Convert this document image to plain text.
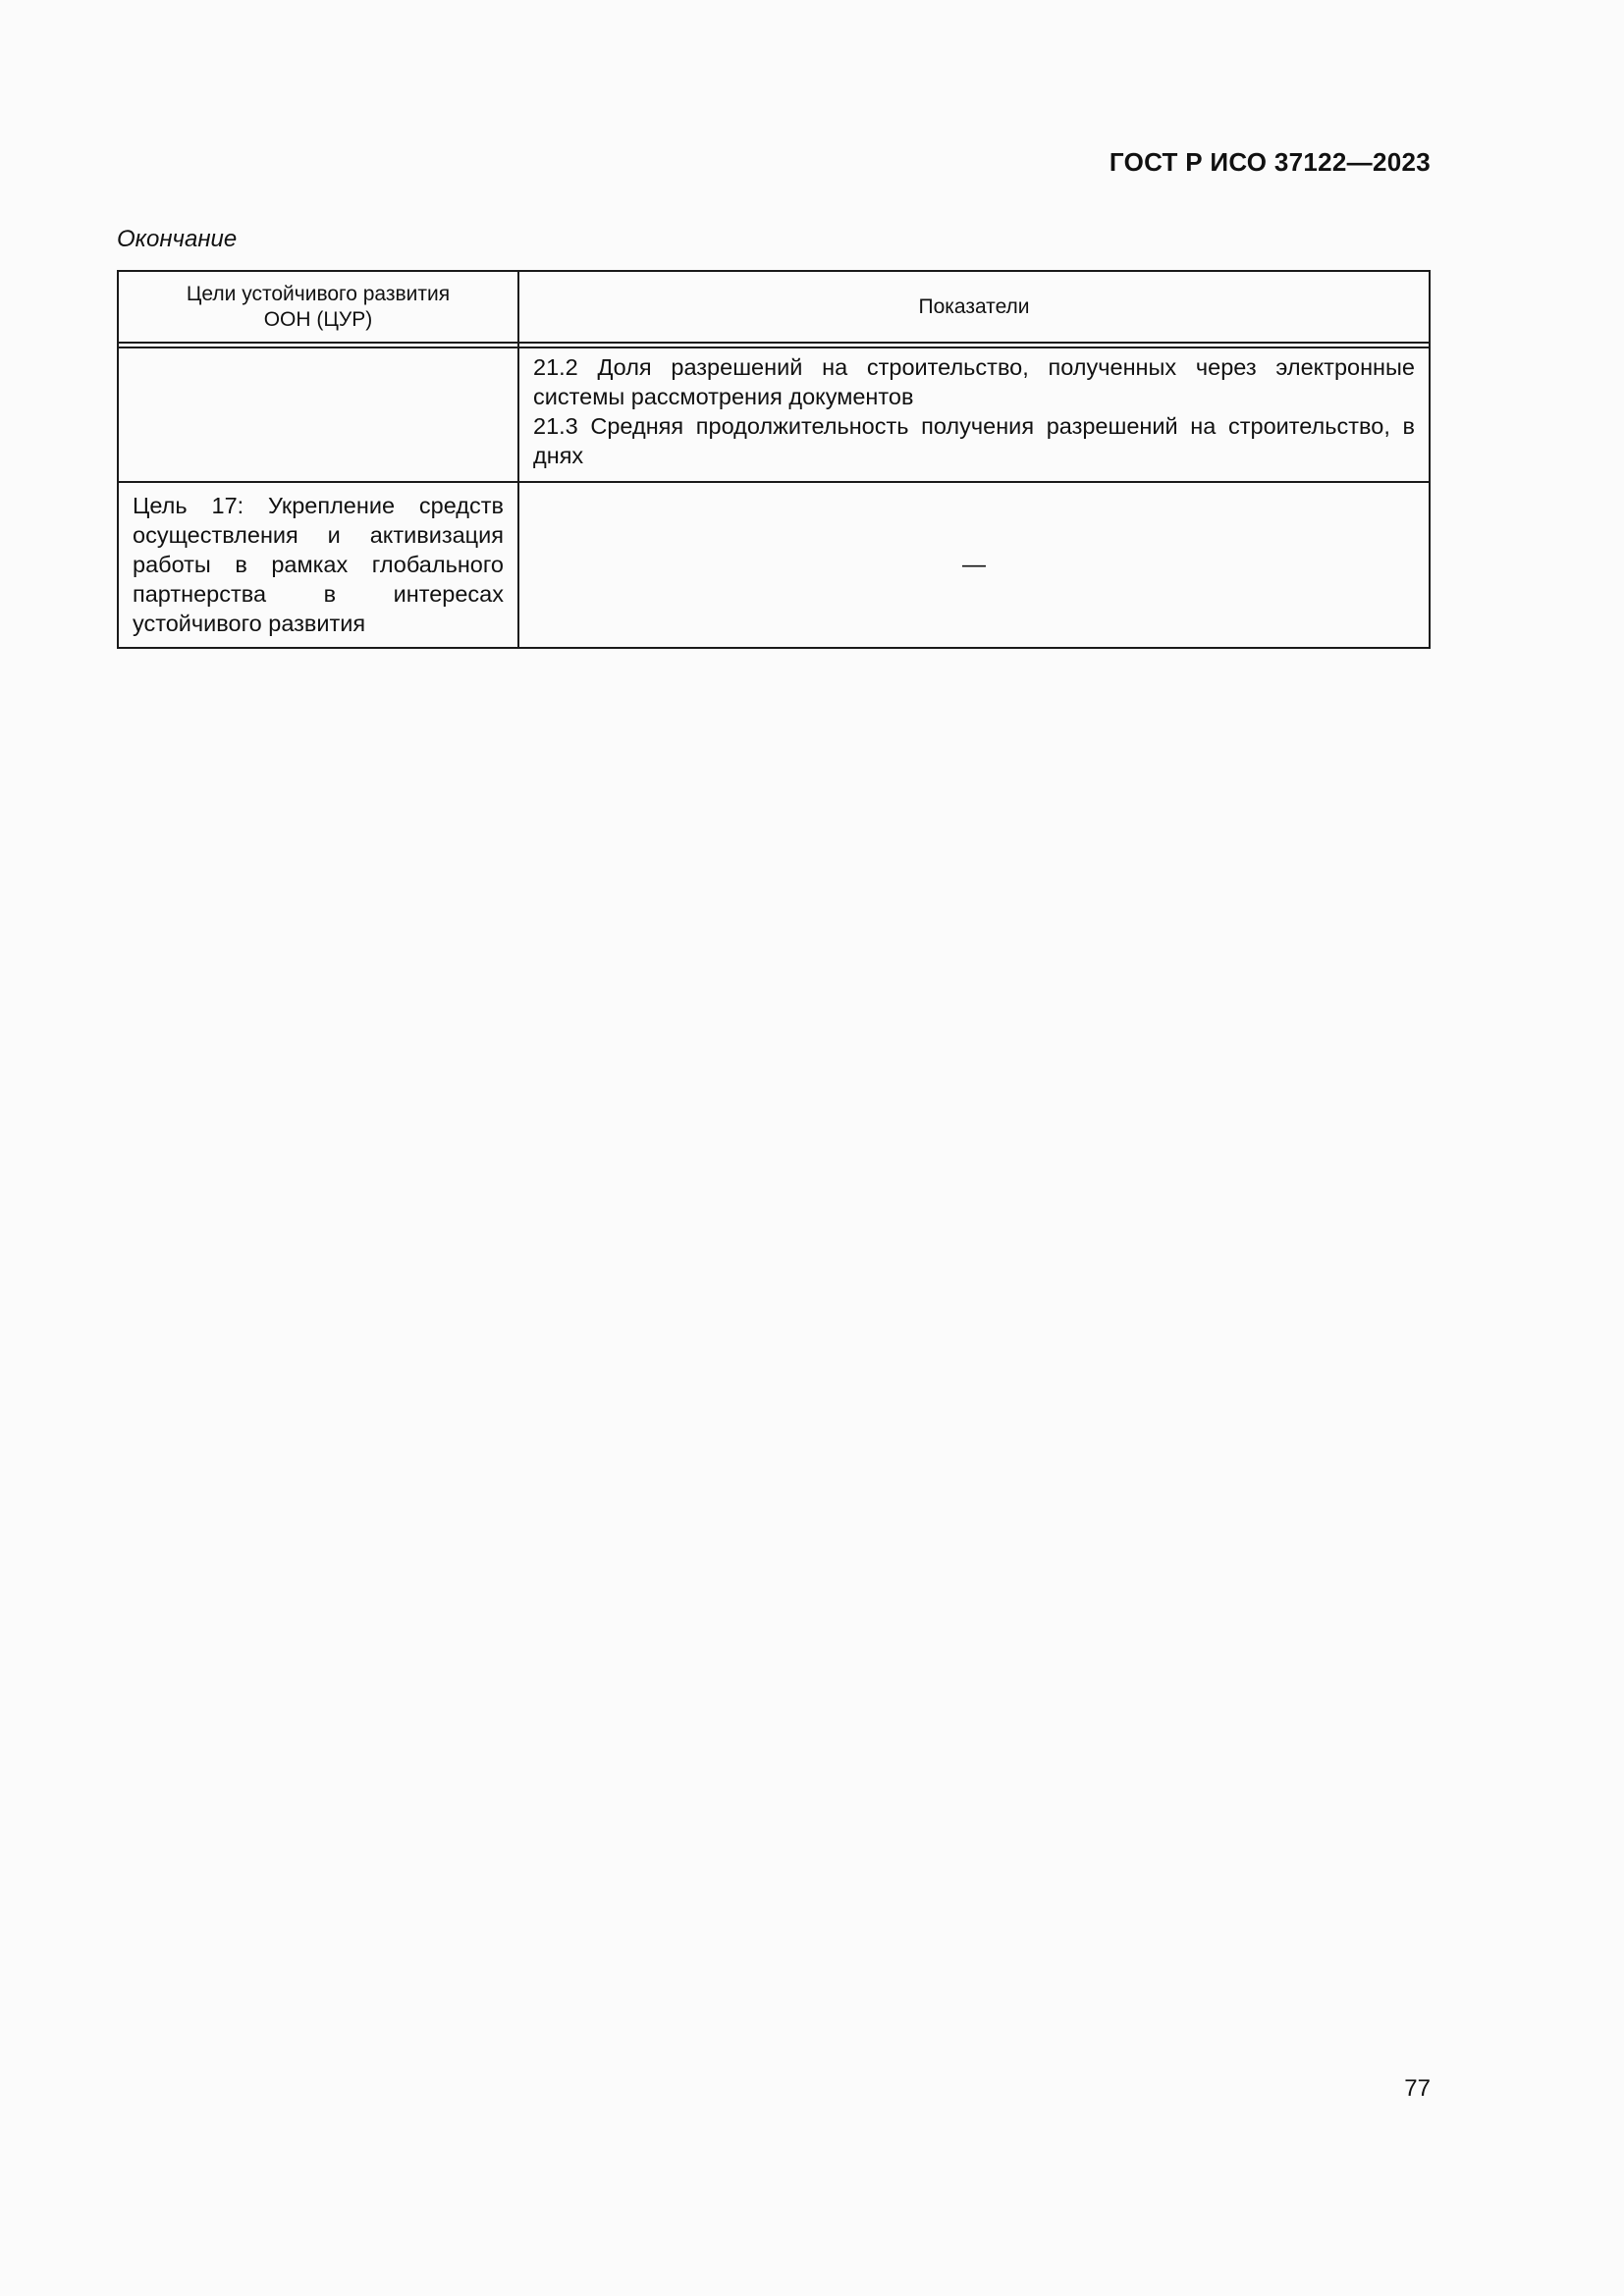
ГОСТ Р ИСО 37122—2023
Окончание
Цели устойчивого развития ООН (ЦУР)	Показатели

	21.2 Доля разрешений на строительство, полученных через электронные системы рассмотрения документов
21.3 Средняя продолжительность получения разрешений на строительство, в днях

Цель 17: Укрепление средств осуществления и активизация работы в рамках глобального партнерства в интересах устойчивого развития	—
77
